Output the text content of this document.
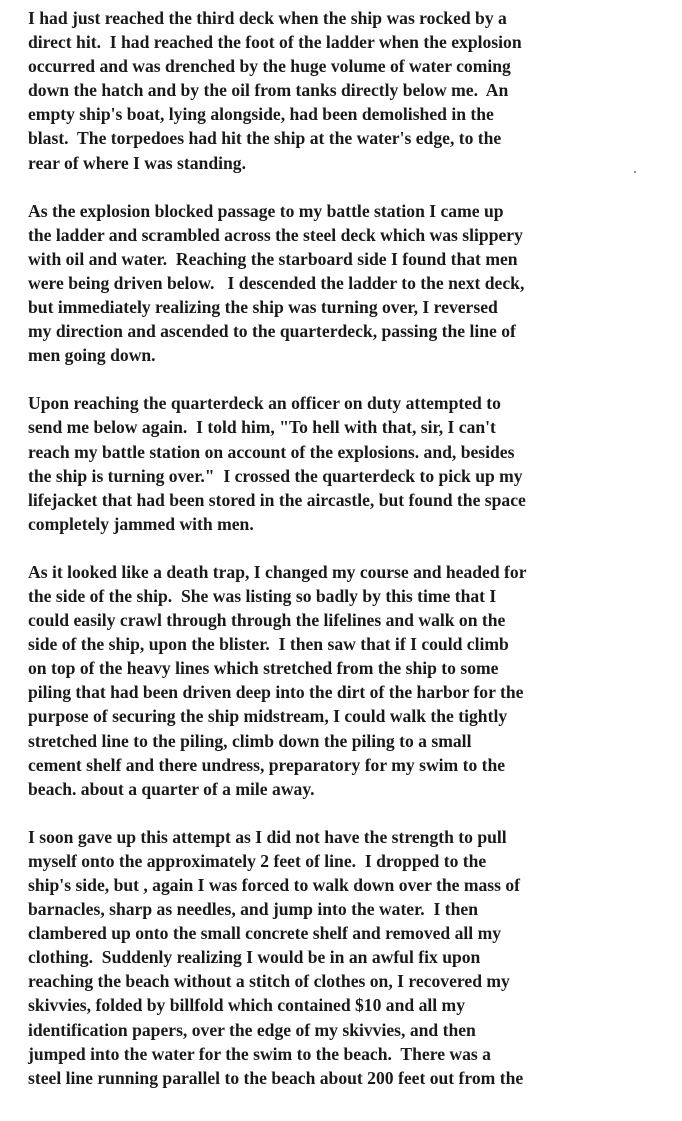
I had just reached the third deck when the ship was rocked by a
direct hit.  I had reached the foot of the ladder when the explosion
occurred and was drenched by the huge volume of water coming
down the hatch and by the oil from tanks directly below me.  An
empty ship's boat, lying alongside, had been demolished in the
blast.  The torpedoes had hit the ship at the water's edge, to the
rear of where I was standing.

As the explosion blocked passage to my battle station I came up
the ladder and scrambled across the steel deck which was slippery
with oil and water.  Reaching the starboard side I found that men
were being driven below.   I descended the ladder to the next deck,
but immediately realizing the ship was turning over, I reversed
my direction and ascended to the quarterdeck, passing the line of
men going down.

Upon reaching the quarterdeck an officer on duty attempted to
send me below again.  I told him, "To hell with that, sir, I can't
reach my battle station on account of the explosions. and, besides
the ship is turning over."  I crossed the quarterdeck to pick up my
lifejacket that had been stored in the aircastle, but found the space
completely jammed with men.

As it looked like a death trap, I changed my course and headed for
the side of the ship.  She was listing so badly by this time that I
could easily crawl through through the lifelines and walk on the
side of the ship, upon the blister.  I then saw that if I could climb
on top of the heavy lines which stretched from the ship to some
piling that had been driven deep into the dirt of the harbor for the
purpose of securing the ship midstream, I could walk the tightly
stretched line to the piling, climb down the piling to a small
cement shelf and there undress, preparatory for my swim to the
beach. about a quarter of a mile away.

I soon gave up this attempt as I did not have the strength to pull
myself onto the approximately 2 feet of line.  I dropped to the
ship's side, but , again I was forced to walk down over the mass of
barnacles, sharp as needles, and jump into the water.  I then
clambered up onto the small concrete shelf and removed all my
clothing.  Suddenly realizing I would be in an awful fix upon
reaching the beach without a stitch of clothes on, I recovered my
skivvies, folded by billfold which contained $10 and all my
identification papers, over the edge of my skivvies, and then
jumped into the water for the swim to the beach.  There was a
steel line running parallel to the beach about 200 feet out from the
